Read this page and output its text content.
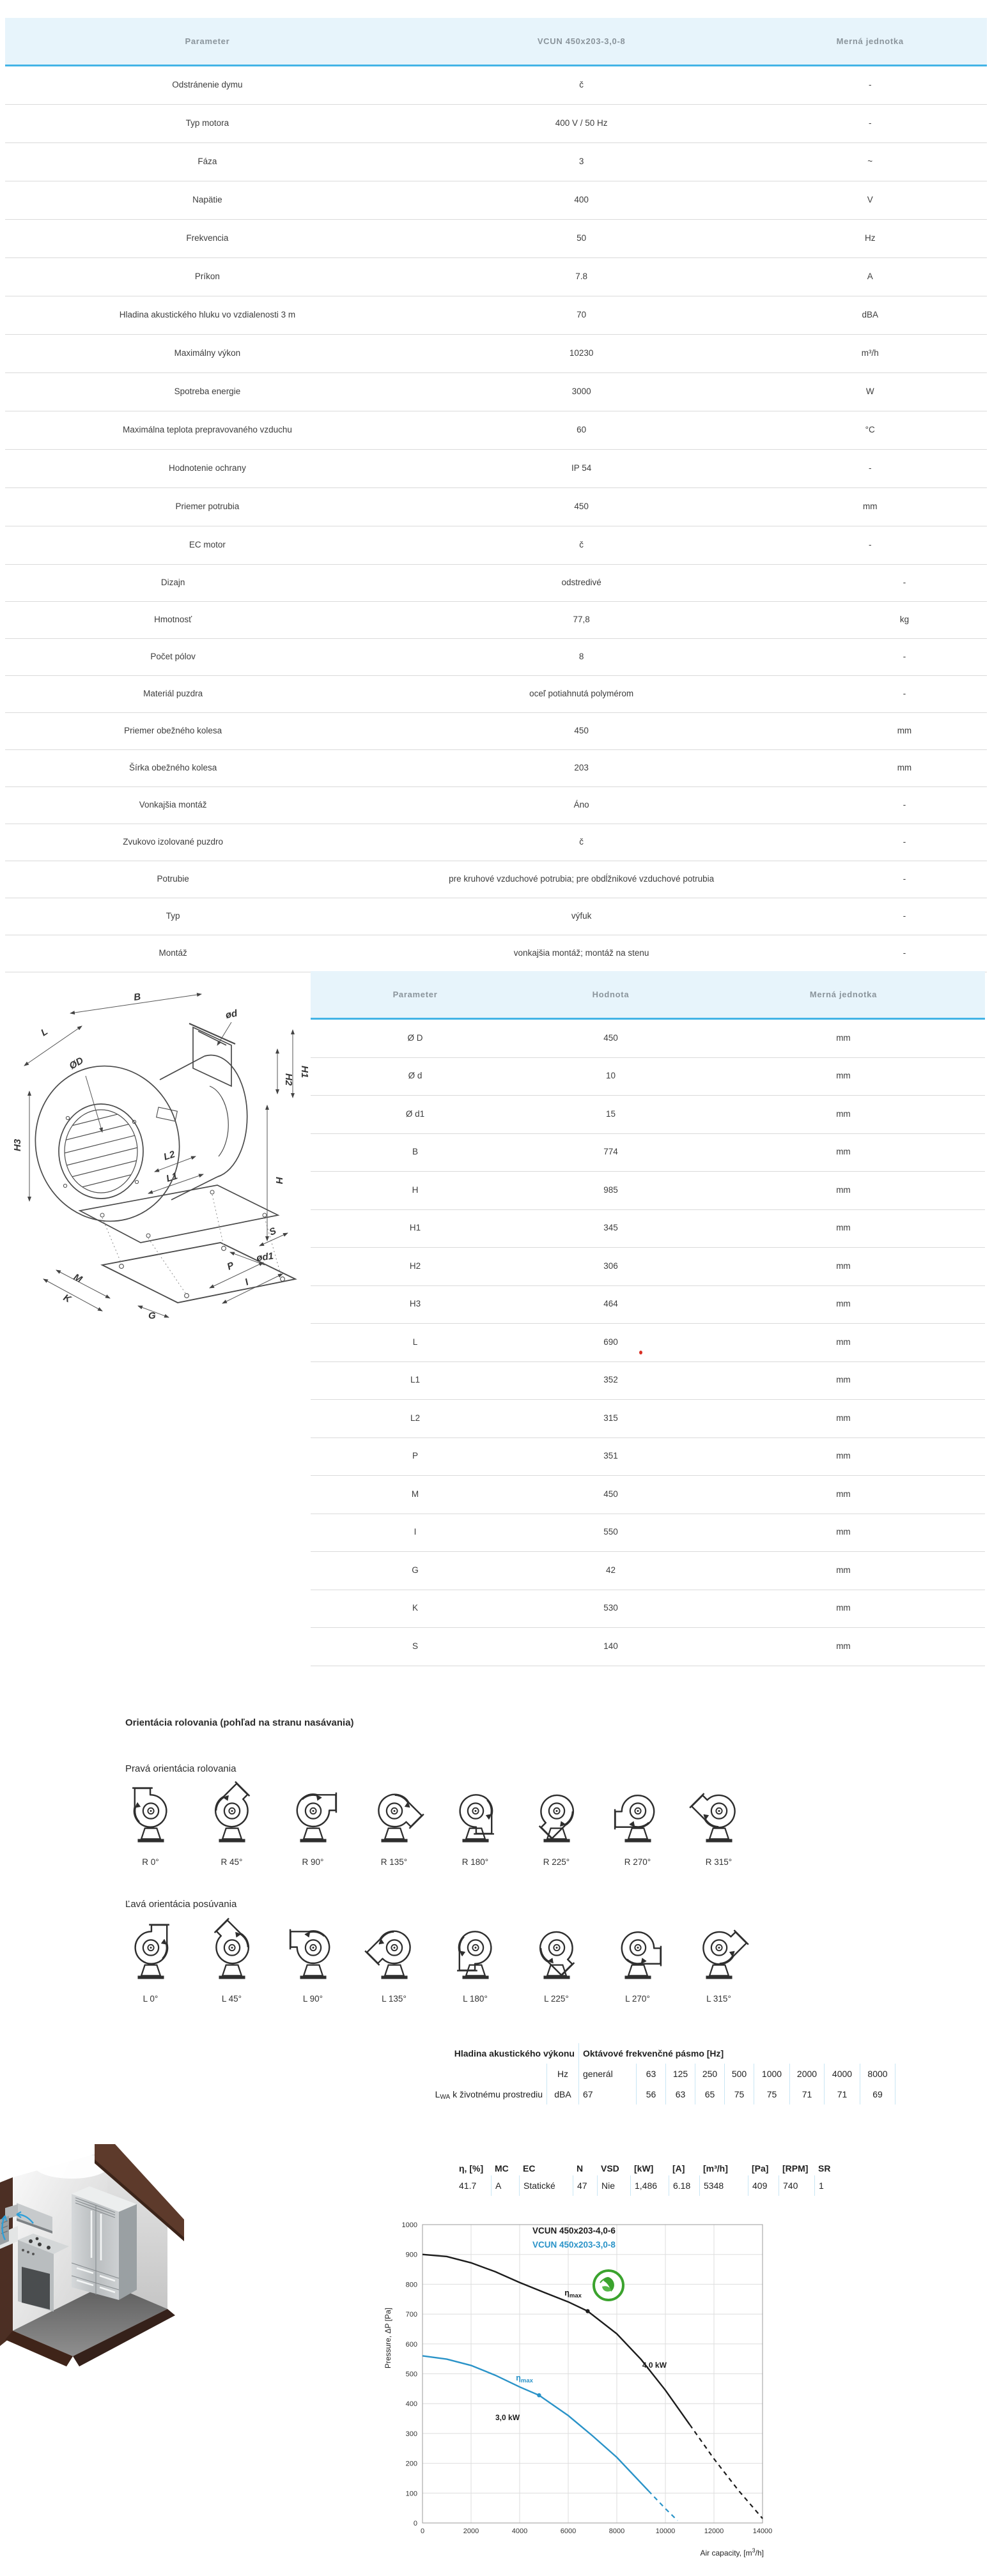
Parameter	VCUN 450x203-3,0-8	Merná jednotka
Odstránenie dymu	č	-
Typ motora	400 V / 50 Hz	-
Fáza	3	~
Napätie	400	V
Frekvencia	50	Hz
Príkon	7.8	A
Hladina akustického hluku vo vzdialenosti 3 m	70	dBA
Maximálny výkon	10230	m³/h
Spotreba energie	3000	W
Maximálna teplota prepravovaného vzduchu	60	°C
Hodnotenie ochrany	IP 54	-
Priemer potrubia	450	mm
EC motor	č	-
Dizajn	odstredivé	-
Hmotnosť	77,8	kg
Počet pólov	8	-
Materiál puzdra	oceľ potiahnutá polymérom	-
Priemer obežného kolesa	450	mm
Šírka obežného kolesa	203	mm
Vonkajšia montáž	Áno	-
Zvukovo izolované puzdro	č	-
Potrubie	pre kruhové vzduchové potrubia; pre obdĺžnikové vzduchové potrubia	-
Typ	výfuk	-
Montáž	vonkajšia montáž; montáž na stenu	-
B
L
ød
H1
H2
ØD
H3
L2
L1	H
ød1
M
K
G
P
I
S
Parameter	Hodnota	Merná jednotka
Ø D	450	mm
Ø d	10	mm
Ø d1	15	mm
B	774	mm
H	985	mm
H1	345	mm
H2	306	mm
H3	464	mm
L	690	mm
L1	352	mm
L2	315	mm
P	351	mm
M	450	mm
I	550	mm
G	42	mm
K	530	mm
S	140	mm
Orientácia rolovania (pohľad na stranu nasávania)
Pravá orientácia rolovania
R 0°	R 45°	R 90°	R 135°	R 180°	R 225°	R 270°	R 315°
Ľavá orientácia posúvania
L 0°	L 45°	L 90°	L 135°	L 180°	L 225°	L 270°	L 315°
Hladina akustického výkonu Oktávové frekvenčné pásmo [Hz]
Hz	generál	63	125	250	500	1000	2000	4000	8000
L WA k životnému prostrediu	dBA	67	56	63	65	75	75	71	71	69
η, [%]	MC	EC	N	VSD	[kW]	[A]	[m³/h]	[Pa]	[RPM]	SR
41.7	A	Statické	47	Nie	1,486	6.18	5348	409	740	1
$\eta_{max}$
4,0 kW
$\eta_{max}$
3,0 kW
0
100
200
300
400
500
600
700
800
900
1000
0	2000	4000	6000	8000	10000	12000	14000
Pressure, ΔP [Pa]
Air capacity, $[m^3/h]$
VCUN 450x203-4,0-6
VCUN 450x203-3,0-8
